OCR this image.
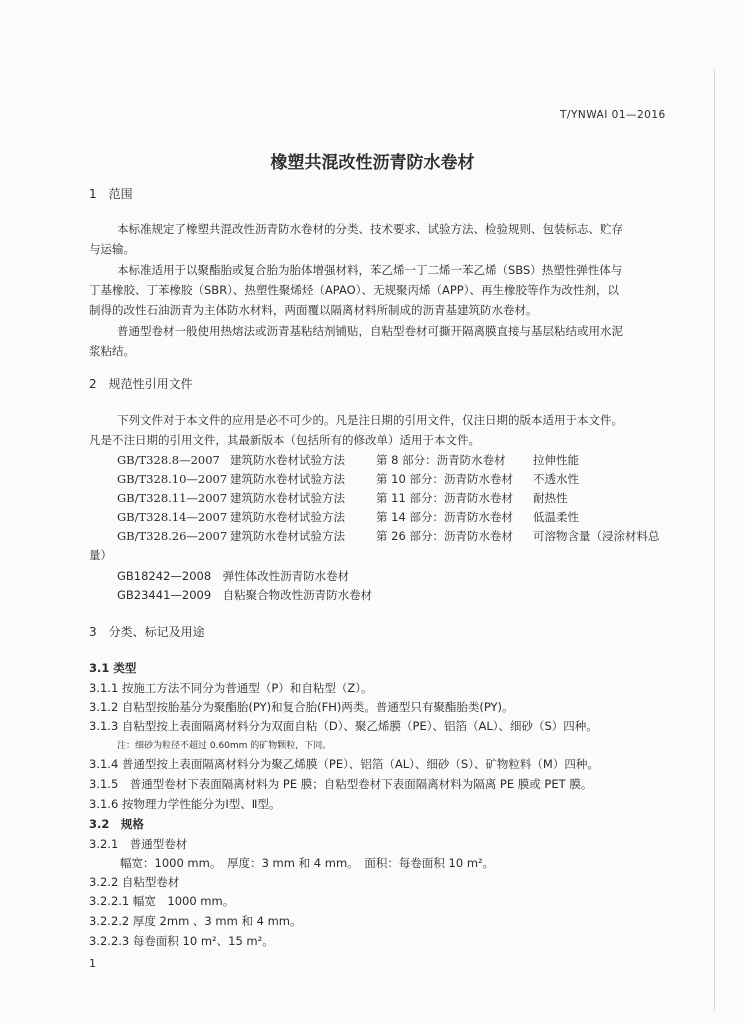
T/YNWAI 01—2016
橡塑共混改性沥青防水卷材
1　范围
本标准规定了橡塑共混改性沥青防水卷材的分类、技术要求、试验方法、检验规则、包装标志、贮存
与运输。
本标准适用于以聚酯胎或复合胎为胎体增强材料，苯乙烯一丁二烯一苯乙烯（SBS）热塑性弹性体与
丁基橡胶、丁苯橡胶（SBR）、热塑性聚烯烃（APAO）、无规聚丙烯（APP）、再生橡胶等作为改性剂，以
制得的改性石油沥青为主体防水材料，两面覆以隔离材料所制成的沥青基建筑防水卷材。
普通型卷材一般使用热熔法或沥青基粘结剂铺贴，自粘型卷材可撕开隔离膜直接与基层粘结或用水泥
浆粘结。
2　规范性引用文件
下列文件对于本文件的应用是必不可少的。凡是注日期的引用文件，仅注日期的版本适用于本文件。
凡是不注日期的引用文件，其最新版本（包括所有的修改单）适用于本文件。
GB/T328.8—2007 建筑防水卷材试验方法	第 8 部分：沥青防水卷材 拉伸性能
GB/T328.10—2007 建筑防水卷材试验方法	第 10 部分：沥青防水卷材 不透水性
GB/T328.11—2007 建筑防水卷材试验方法	第 11 部分：沥青防水卷材 耐热性
GB/T328.14—2007 建筑防水卷材试验方法	第 14 部分：沥青防水卷材 低温柔性
GB/T328.26—2007 建筑防水卷材试验方法	第 26 部分：沥青防水卷材 可溶物含量（浸涂材料总
量）
GB18242—2008　弹性体改性沥青防水卷材
GB23441—2009　自粘聚合物改性沥青防水卷材
3　分类、标记及用途
3.1 类型
3.1.1 按施工方法不同分为普通型（P）和自粘型（Z）。
3.1.2 自粘型按胎基分为聚酯胎(PY)和复合胎(FH)两类。普通型只有聚酯胎类(PY)。
3.1.3 自粘型按上表面隔离材料分为双面自粘（D）、聚乙烯膜（PE）、铝箔（AL）、细砂（S）四种。
注：细砂为粒径不超过 0.60mm 的矿物颗粒，下同。
3.1.4 普通型按上表面隔离材料分为聚乙烯膜（PE）、铝箔（AL）、细砂（S）、矿物粒料（M）四种。
3.1.5　普通型卷材下表面隔离材料为 PE 膜；自粘型卷材下表面隔离材料为隔离 PE 膜或 PET 膜。
3.1.6 按物理力学性能分为Ⅰ型、Ⅱ型。
3.2　规格
3.2.1　普通型卷材
幅宽：1000 mm。　厚度：3 mm 和 4 mm。　面积：每卷面积 10 m²。
3.2.2 自粘型卷材
3.2.2.1 幅宽　1000 mm。
3.2.2.2 厚度 2mm 、3 mm 和 4 mm。
3.2.2.3 每卷面积 10 m²、15 m²。
1
